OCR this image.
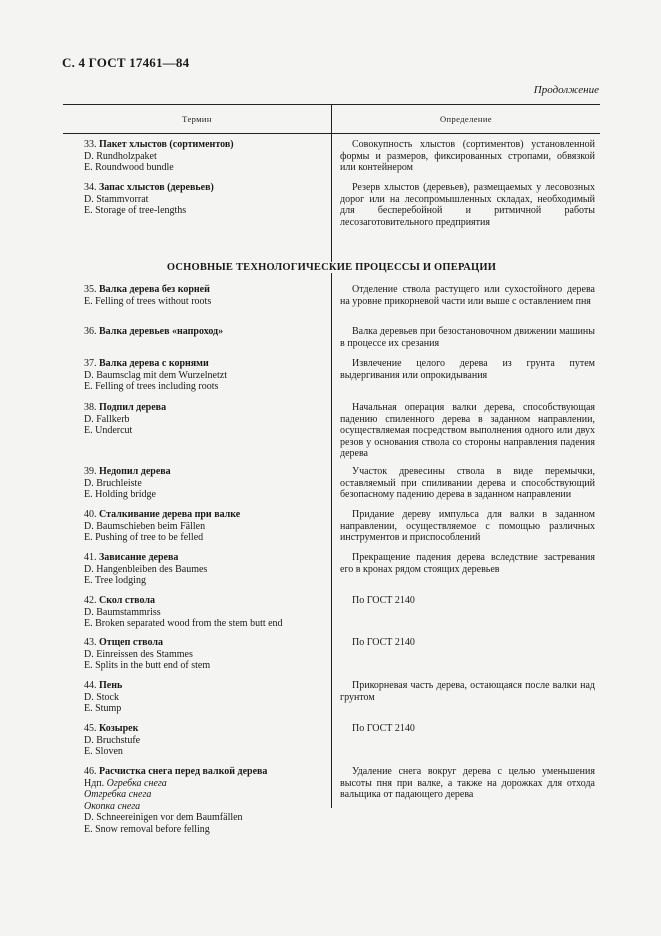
С. 4 ГОСТ 17461—84
Продолжение
Термин	Определение
33. Пакет хлыстов (сортиментов)
D. Rundholzpaket
E. Roundwood bundle
Совокупность хлыстов (сортиментов) установленной формы и размеров, фиксированных стропами, обвязкой или контейнером
34. Запас хлыстов (деревьев)
D. Stammvorrat
E. Storage of tree-lengths
Резерв хлыстов (деревьев), размещаемых у лесовозных дорог или на лесопромышленных складах, необходимый для бесперебойной и ритмичной работы лесозаготовительного предприятия
ОСНОВНЫЕ ТЕХНОЛОГИЧЕСКИЕ ПРОЦЕССЫ И ОПЕРАЦИИ
35. Валка дерева без корней
E. Felling of trees without roots
Отделение ствола растущего или сухостойного дерева на уровне прикорневой части или выше с оставлением пня
36. Валка деревьев «напроход»	Валка деревьев при безостановочном движении машины в процессе их срезания
37. Валка дерева с корнями
D. Baumsclag mit dem Wurzelnetzt
E. Felling of trees including roots
Извлечение целого дерева из грунта путем выдергивания или опрокидывания
38. Подпил дерева
D. Fallkerb
E. Undercut
Начальная операция валки дерева, способствующая падению спиленного дерева в заданном направлении, осуществляемая посредством выполнения одного или двух резов у основания ствола со стороны направления падения дерева
39. Недопил дерева
D. Bruchleiste
E. Holding bridge
Участок древесины ствола в виде перемычки, оставляемый при спиливании дерева и способствующий безопасному падению дерева в заданном направлении
40. Сталкивание дерева при валке
D. Baumschieben beim Fällen
E. Pushing of tree to be felled
Придание дереву импульса для валки в заданном направлении, осуществляемое с помощью различных инструментов и приспособлений
41. Зависание дерева
D. Hangenbleiben des Baumes
E. Tree lodging
Прекращение падения дерева вследствие застревания его в кронах рядом стоящих деревьев
42. Скол ствола
D. Baumstammriss
E. Broken separated wood from the stem butt end
По ГОСТ 2140
43. Отщеп ствола
D. Einreissen des Stammes
E. Splits in the butt end of stem
По ГОСТ 2140
44. Пень
D. Stock
E. Stump
Прикорневая часть дерева, остающаяся после валки над грунтом
45. Козырек
D. Bruchstufe
E. Sloven
По ГОСТ 2140
46. Расчистка снега перед валкой дерева
Ндп. Огребка снега
Отгребка снега
Окопка снега
D. Schneereinigen vor dem Baumfällen
E. Snow removal before felling
Удаление снега вокруг дерева с целью уменьшения высоты пня при валке, а также на дорожках для отхода вальщика от падающего дерева
